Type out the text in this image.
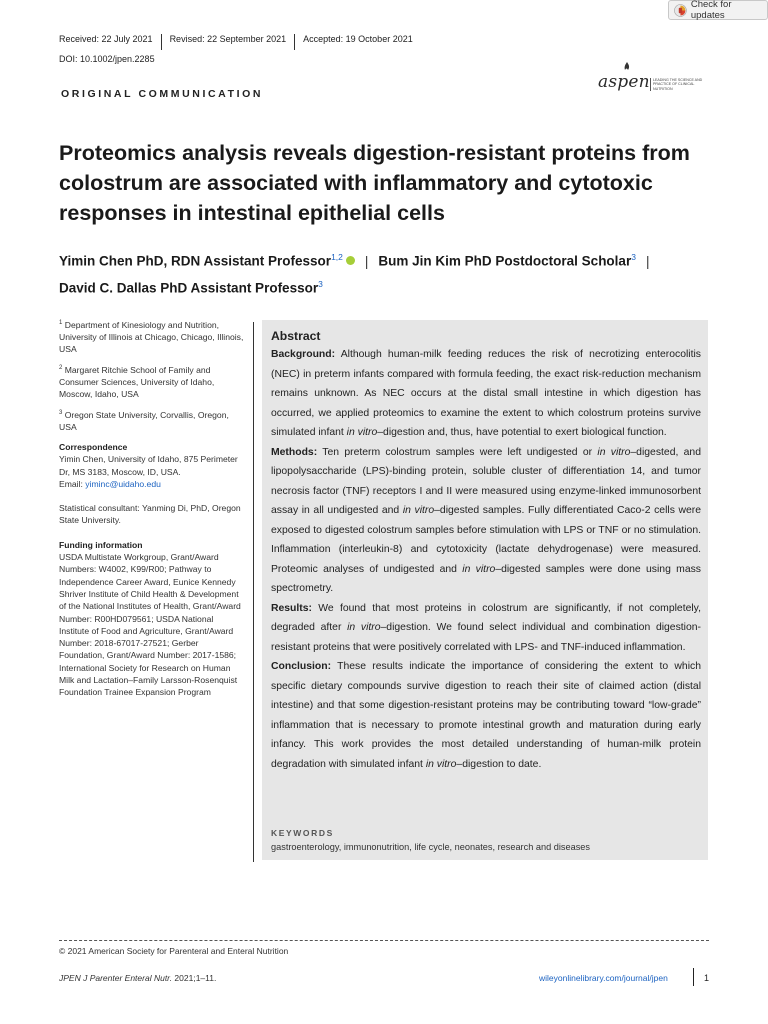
Received: 22 July 2021	Revised: 22 September 2021	Accepted: 19 October 2021
DOI: 10.1002/jpen.2285
Check for updates
aspen LEADING THE SCIENCE AND PRACTICE OF CLINICAL NUTRITION
ORIGINAL COMMUNICATION
Proteomics analysis reveals digestion-resistant proteins from colostrum are associated with inflammatory and cytotoxic responses in intestinal epithelial cells
Yimin Chen PhD, RDN Assistant Professor$^{1,2}$iD | Bum Jin Kim PhD Postdoctoral Scholar$^3$ |
David C. Dallas PhD Assistant Professor$^3$

$^1$ Department of Kinesiology and Nutrition, University of Illinois at Chicago, Chicago, Illinois, USA

$^2$ Margaret Ritchie School of Family and Consumer Sciences, University of Idaho, Moscow, Idaho, USA

$^3$ Oregon State University, Corvallis, Oregon, USA

Correspondence

Yimin Chen, University of Idaho, 875 Perimeter Dr, MS 3183, Moscow, ID, USA.

Email: yiminc@uidaho.edu

Statistical consultant: Yanming Di, PhD, Oregon State University.

Funding information

USDA Multistate Workgroup, Grant/Award Numbers: W4002, K99/R00; Pathway to Independence Career Award, Eunice Kennedy Shriver Institute of Child Health & Development of the National Institutes of Health, Grant/Award Number: R00HD079561; USDA National Institute of Food and Agriculture, Grant/Award Number: 2018-67017-27521; Gerber Foundation, Grant/Award Number: 2017-1586; International Society for Research on Human Milk and Lactation–Family Larsson-Rosenquist Foundation Trainee Expansion Program

Abstract

Background: Although human-milk feeding reduces the risk of necrotizing enterocolitis (NEC) in preterm infants compared with formula feeding, the exact risk-reduction mechanism remains unknown. As NEC occurs at the distal small intestine in which digestion has occurred, we applied proteomics to examine the extent to which colostrum proteins survive simulated infant in vitro–digestion and, thus, have potential to exert biological function.

Methods: Ten preterm colostrum samples were left undigested or in vitro–digested, and lipopolysaccharide (LPS)-binding protein, soluble cluster of differentiation 14, and tumor necrosis factor (TNF) receptors I and II were measured using enzyme-linked immunosorbent assay in all undigested and in vitro–digested samples. Fully differentiated Caco-2 cells were exposed to digested colostrum samples before stimulation with LPS or TNF or no stimulation. Inflammation (interleukin-8) and cytotoxicity (lactate dehydrogenase) were measured. Proteomic analyses of undigested and in vitro–digested samples were done using mass spectrometry.

Results: We found that most proteins in colostrum are significantly, if not completely, degraded after in vitro–digestion. We found select individual and combination digestion-resistant proteins that were positively correlated with LPS- and TNF-induced inflammation.

Conclusion: These results indicate the importance of considering the extent to which specific dietary compounds survive digestion to reach their site of claimed action (distal intestine) and that some digestion-resistant proteins may be contributing toward “low-grade” inflammation that is necessary to promote intestinal growth and maturation during early infancy. This work provides the most detailed understanding of human-milk protein degradation with simulated infant in vitro–digestion to date.

KEYWORDS
gastroenterology, immunonutrition, life cycle, neonates, research and diseases
© 2021 American Society for Parenteral and Enteral Nutrition
JPEN J Parenter Enteral Nutr. 2021;1–11.	wileyonlinelibrary.com/journal/jpen	1
